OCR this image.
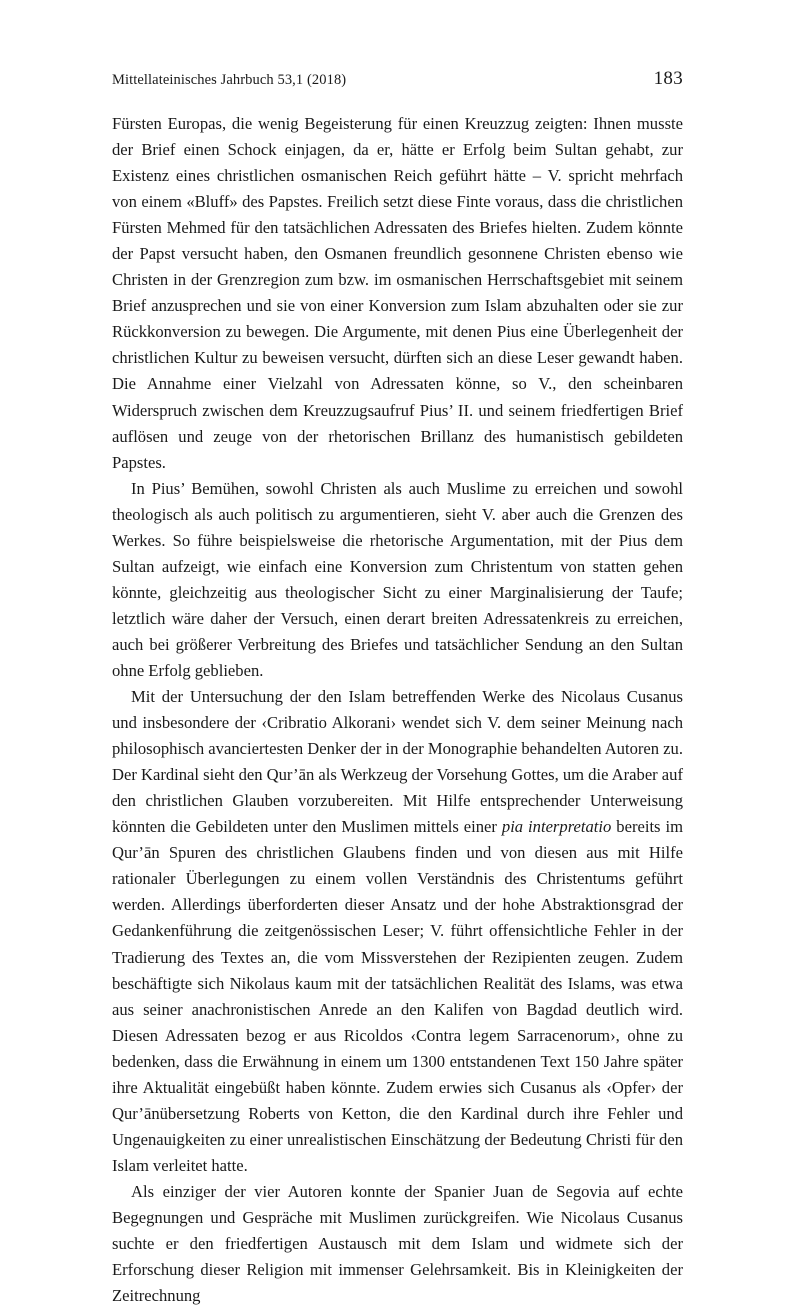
Mittellateinisches Jahrbuch 53,1 (2018)	183

Fürsten Europas, die wenig Begeisterung für einen Kreuzzug zeigten: Ihnen musste der Brief einen Schock einjagen, da er, hätte er Erfolg beim Sultan gehabt, zur Existenz eines christlichen osmanischen Reich geführt hätte – V. spricht mehrfach von einem «Bluff» des Papstes. Freilich setzt diese Finte voraus, dass die christlichen Fürsten Mehmed für den tatsächlichen Adressaten des Briefes hielten. Zudem könnte der Papst versucht haben, den Osmanen freundlich gesonnene Christen ebenso wie Christen in der Grenzregion zum bzw. im osmanischen Herrschaftsgebiet mit seinem Brief anzusprechen und sie von einer Konversion zum Islam abzuhalten oder sie zur Rückkonversion zu bewegen. Die Argumente, mit denen Pius eine Überlegenheit der christlichen Kultur zu beweisen versucht, dürften sich an diese Leser gewandt haben. Die Annahme einer Vielzahl von Adressaten könne, so V., den scheinbaren Widerspruch zwischen dem Kreuzzugsaufruf Pius’ II. und seinem friedfertigen Brief auflösen und zeuge von der rhetorischen Brillanz des humanistisch gebildeten Papstes.

In Pius’ Bemühen, sowohl Christen als auch Muslime zu erreichen und sowohl theologisch als auch politisch zu argumentieren, sieht V. aber auch die Grenzen des Werkes. So führe beispielsweise die rhetorische Argumentation, mit der Pius dem Sultan aufzeigt, wie einfach eine Konversion zum Christentum von statten gehen könnte, gleichzeitig aus theologischer Sicht zu einer Marginalisierung der Taufe; letztlich wäre daher der Versuch, einen derart breiten Adressatenkreis zu erreichen, auch bei größerer Verbreitung des Briefes und tatsächlicher Sendung an den Sultan ohne Erfolg geblieben.

Mit der Untersuchung der den Islam betreffenden Werke des Nicolaus Cusanus und insbesondere der ‹Cribratio Alkorani› wendet sich V. dem seiner Meinung nach philosophisch avanciertesten Denker der in der Monographie behandelten Autoren zu. Der Kardinal sieht den Qur’ān als Werkzeug der Vorsehung Gottes, um die Araber auf den christlichen Glauben vorzubereiten. Mit Hilfe entsprechender Unterweisung könnten die Gebildeten unter den Muslimen mittels einer pia interpretatio bereits im Qur’ān Spuren des christlichen Glaubens finden und von diesen aus mit Hilfe rationaler Überlegungen zu einem vollen Verständnis des Christentums geführt werden. Allerdings überforderten dieser Ansatz und der hohe Abstraktionsgrad der Gedankenführung die zeitgenössischen Leser; V. führt offensichtliche Fehler in der Tradierung des Textes an, die vom Missverstehen der Rezipienten zeugen. Zudem beschäftigte sich Nikolaus kaum mit der tatsächlichen Realität des Islams, was etwa aus seiner anachronistischen Anrede an den Kalifen von Bagdad deutlich wird. Diesen Adressaten bezog er aus Ricoldos ‹Contra legem Sarracenorum›, ohne zu bedenken, dass die Erwähnung in einem um 1300 entstandenen Text 150 Jahre später ihre Aktualität eingebüßt haben könnte. Zudem erwies sich Cusanus als ‹Opfer› der Qur’ānübersetzung Roberts von Ketton, die den Kardinal durch ihre Fehler und Ungenauigkeiten zu einer unrealistischen Einschätzung der Bedeutung Christi für den Islam verleitet hatte.

Als einziger der vier Autoren konnte der Spanier Juan de Segovia auf echte Begegnungen und Gespräche mit Muslimen zurückgreifen. Wie Nicolaus Cusanus suchte er den friedfertigen Austausch mit dem Islam und widmete sich der Erforschung dieser Religion mit immenser Gelehrsamkeit. Bis in Kleinigkeiten der Zeitrechnung
